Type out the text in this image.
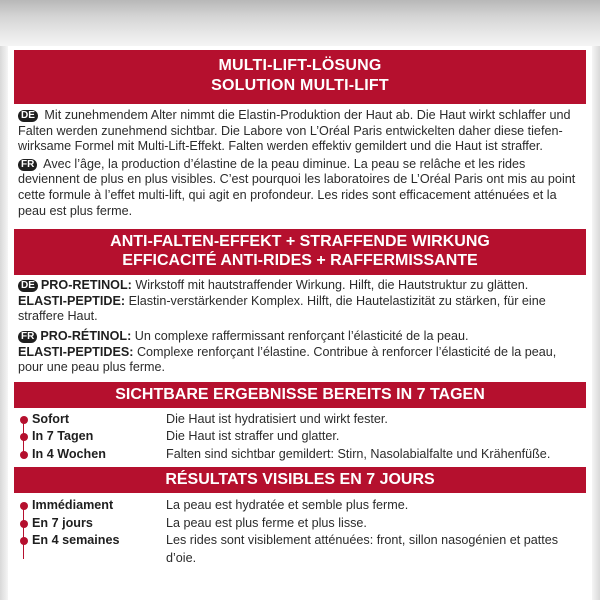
MULTI-LIFT-LÖSUNG
SOLUTION MULTI-LIFT
DE Mit zunehmendem Alter nimmt die Elastin-Produktion der Haut ab. Die Haut wirkt schlaffer und Falten werden zunehmend sichtbar. Die Labore von L’Oréal Paris entwickelten daher diese tiefen-wirksame Formel mit Multi-Lift-Effekt. Falten werden effektiv gemildert und die Haut ist straffer.
FR Avec l’âge, la production d’élastine de la peau diminue. La peau se relâche et les rides deviennent de plus en plus visibles. C’est pourquoi les laboratoires de L’Oréal Paris ont mis au point cette formule à l’effet multi-lift, qui agit en profondeur. Les rides sont efficacement atténuées et la peau est plus ferme.
ANTI-FALTEN-EFFEKT + STRAFFENDE WIRKUNG
EFFICACITÉ ANTI-RIDES + RAFFERMISSANTE
DE PRO-RETINOL: Wirkstoff mit hautstraffender Wirkung. Hilft, die Hautstruktur zu glätten.
ELASTI-PEPTIDE: Elastin-verstärkender Komplex. Hilft, die Hautelastizität zu stärken, für eine straffere Haut.
FR PRO-RÉTINOL: Un complexe raffermissant renforçant l’élasticité de la peau.
ELASTI-PEPTIDES: Complexe renforçant l’élastine. Contribue à renforcer l’élasticité de la peau, pour une peau plus ferme.
SICHTBARE ERGEBNISSE BEREITS IN 7 TAGEN
Sofort	Die Haut ist hydratisiert und wirkt fester.
In 7 Tagen	Die Haut ist straffer und glatter.
In 4 Wochen	Falten sind sichtbar gemildert: Stirn, Nasolabialfalte und Krähenfüße.
RÉSULTATS VISIBLES EN 7 JOURS
Immédiament	La peau est hydratée et semble plus ferme.
En 7 jours	La peau est plus ferme et plus lisse.
En 4 semaines	Les rides sont visiblement atténuées: front, sillon nasogénien et pattes d’oie.
